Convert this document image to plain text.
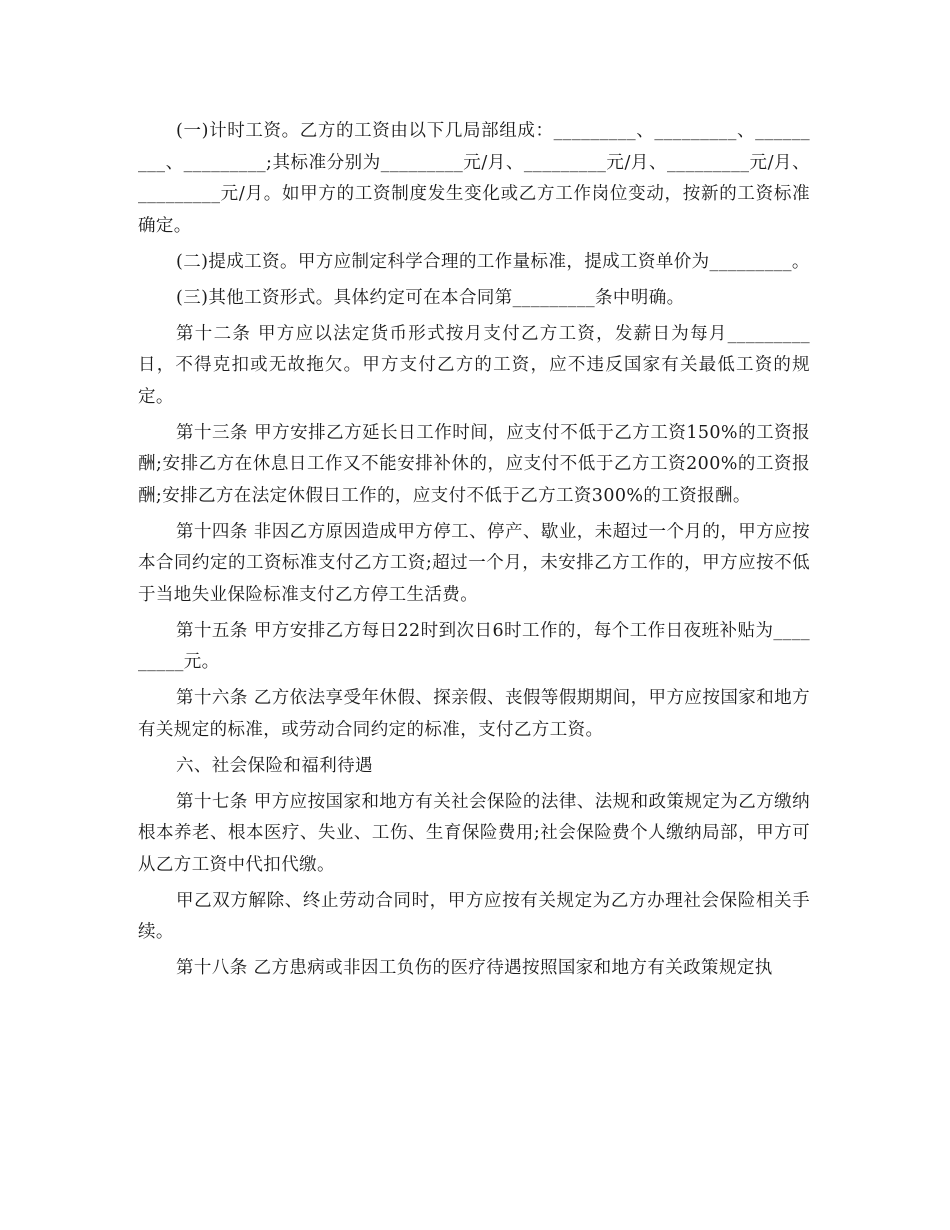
(一)计时工资。乙方的工资由以下几局部组成：_________、_________、_________、_________;其标准分别为_________元/月、_________元/月、_________元/月、_________元/月。如甲方的工资制度发生变化或乙方工作岗位变动，按新的工资标准确定。

(二)提成工资。甲方应制定科学合理的工作量标准，提成工资单价为_________。

(三)其他工资形式。具体约定可在本合同第_________条中明确。

第十二条 甲方应以法定货币形式按月支付乙方工资，发薪日为每月_________日，不得克扣或无故拖欠。甲方支付乙方的工资，应不违反国家有关最低工资的规定。

第十三条 甲方安排乙方延长日工作时间，应支付不低于乙方工资150%的工资报酬;安排乙方在休息日工作又不能安排补休的，应支付不低于乙方工资200%的工资报酬;安排乙方在法定休假日工作的，应支付不低于乙方工资300%的工资报酬。

第十四条 非因乙方原因造成甲方停工、停产、歇业，未超过一个月的，甲方应按本合同约定的工资标准支付乙方工资;超过一个月，未安排乙方工作的，甲方应按不低于当地失业保险标准支付乙方停工生活费。

第十五条 甲方安排乙方每日22时到次日6时工作的，每个工作日夜班补贴为_________元。

第十六条 乙方依法享受年休假、探亲假、丧假等假期期间，甲方应按国家和地方有关规定的标准，或劳动合同约定的标准，支付乙方工资。

六、社会保险和福利待遇

第十七条 甲方应按国家和地方有关社会保险的法律、法规和政策规定为乙方缴纳根本养老、根本医疗、失业、工伤、生育保险费用;社会保险费个人缴纳局部，甲方可从乙方工资中代扣代缴。

甲乙双方解除、终止劳动合同时，甲方应按有关规定为乙方办理社会保险相关手续。

第十八条 乙方患病或非因工负伤的医疗待遇按照国家和地方有关政策规定执
